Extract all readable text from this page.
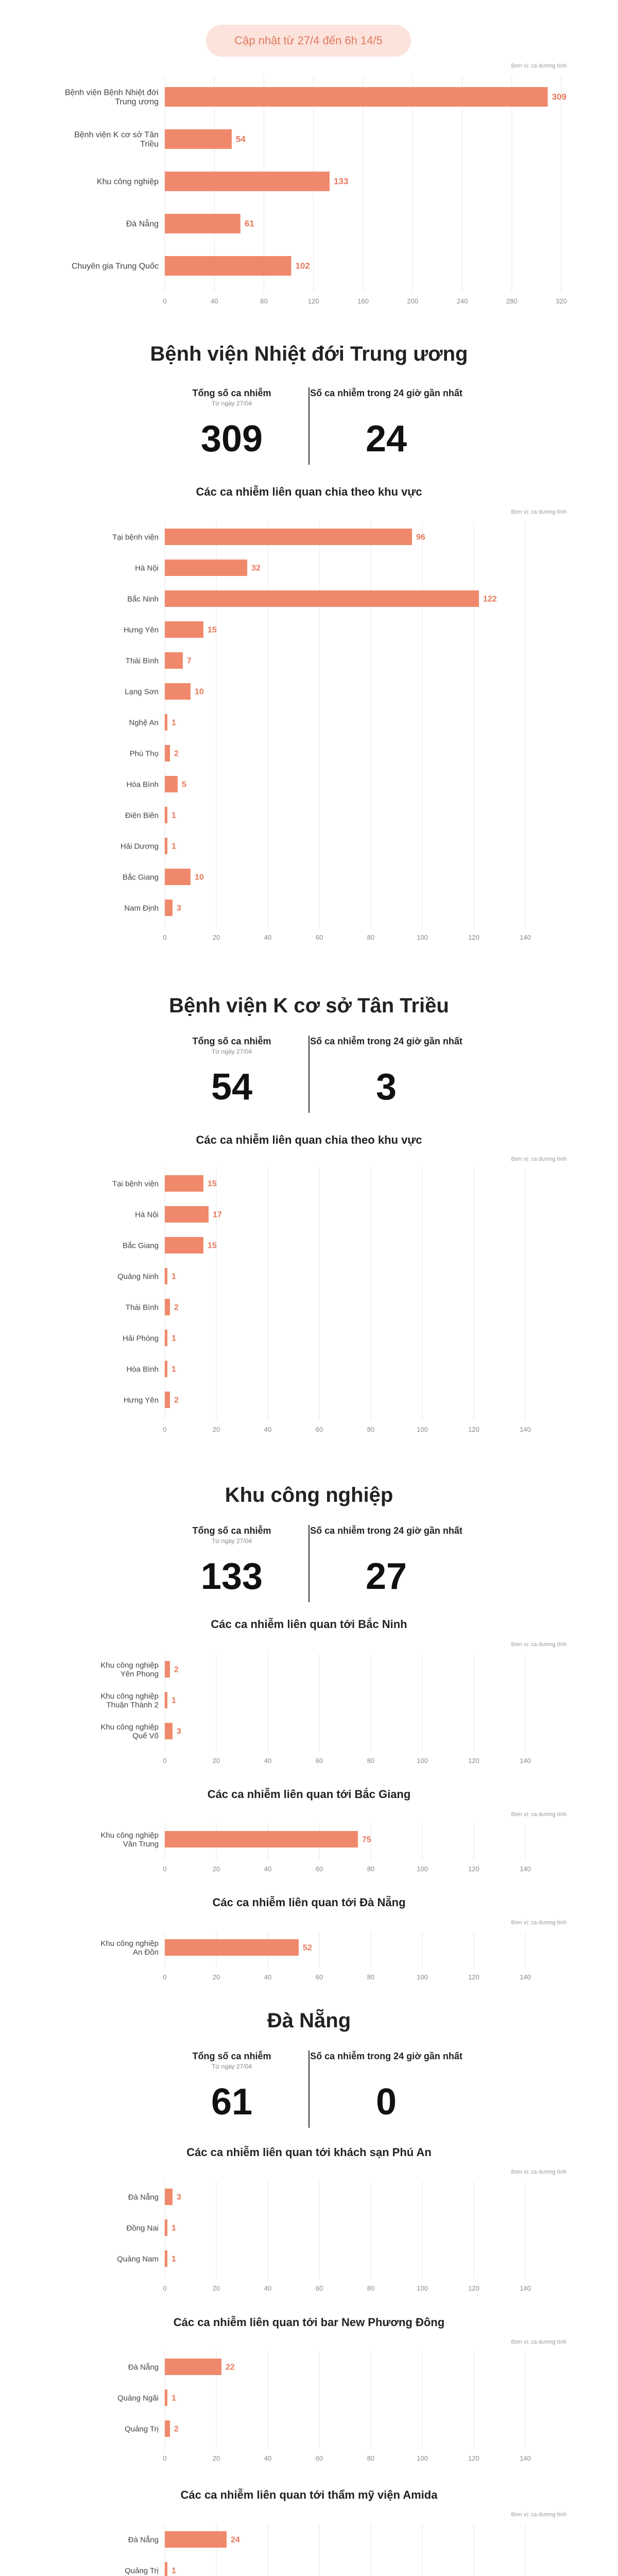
Cập nhật từ 27/4 đến 6h 14/5
Đơn vị: ca dương tính
0	40	80	120	160	200	240	280	320
Bệnh viện Bệnh Nhiệt đới Trung ương
309
Bệnh viện K cơ sở Tân Triều
54
Khu công nghiệp	133
Đà Nẵng	61
Chuyên gia Trung Quốc	102
Bệnh viện Nhiệt đới Trung ương
Tổng số ca nhiễm
Từ ngày 27/04
309
Số ca nhiễm trong 24 giờ gần nhất
24
Các ca nhiễm liên quan chia theo khu vực
Đơn vị: ca dương tính
0	20	40	60	80	100	120	140
Tại bệnh viện	96
Hà Nội	32
Bắc Ninh	122
Hưng Yên	15
Thái Bình	7
Lạng Sơn	10
Nghệ An 1
Phú Thọ 2
Hòa Bình	5
Điện Biên 1
Hải Dương 1
Bắc Giang	10
Nam Định 3
Bệnh viện K cơ sở Tân Triều
Tổng số ca nhiễm
Từ ngày 27/04
54
Số ca nhiễm trong 24 giờ gần nhất
3
Các ca nhiễm liên quan chia theo khu vực
Đơn vị: ca dương tính
0	20	40	60	80	100	120	140
Tại bệnh viện	15
Hà Nội	17
Bắc Giang	15
Quảng Ninh 1
Thái Bình 2
Hải Phòng 1
Hòa Bình 1
Hưng Yên 2
Khu công nghiệp
Tổng số ca nhiễm
Từ ngày 27/04
133
Số ca nhiễm trong 24 giờ gần nhất
27
Các ca nhiễm liên quan tới Bắc Ninh
Đơn vị: ca dương tính
0	20	40	60	80	100	120	140
Khu công nghiệp Yên Phong 2
Khu công nghiệp Thuận Thành 2 1
Khu công nghiệp Quế Võ 3
Các ca nhiễm liên quan tới Bắc Giang
Đơn vị: ca dương tính
0	20	40	60	80	100	120	140
Khu công nghiệp Vân Trung	75
Các ca nhiễm liên quan tới Đà Nẵng
Đơn vị: ca dương tính
0	20	40	60	80	100	120	140
Khu công nghiệp An Đồn	52
Đà Nẵng
Tổng số ca nhiễm
Từ ngày 27/04
61
Số ca nhiễm trong 24 giờ gần nhất
0
Các ca nhiễm liên quan tới khách sạn Phú An
Đơn vị: ca dương tính
0	20	40	60	80	100	120	140
Đà Nẵng 3
Đồng Nai 1
Quảng Nam 1
Các ca nhiễm liên quan tới bar New Phương Đông
Đơn vị: ca dương tính
0	20	40	60	80	100	120	140
Đà Nẵng	22
Quảng Ngãi 1
Quảng Trị 2
Các ca nhiễm liên quan tới thẩm mỹ viện Amida
Đơn vị: ca dương tính
Đà Nẵng	24
Quảng Trị 1
